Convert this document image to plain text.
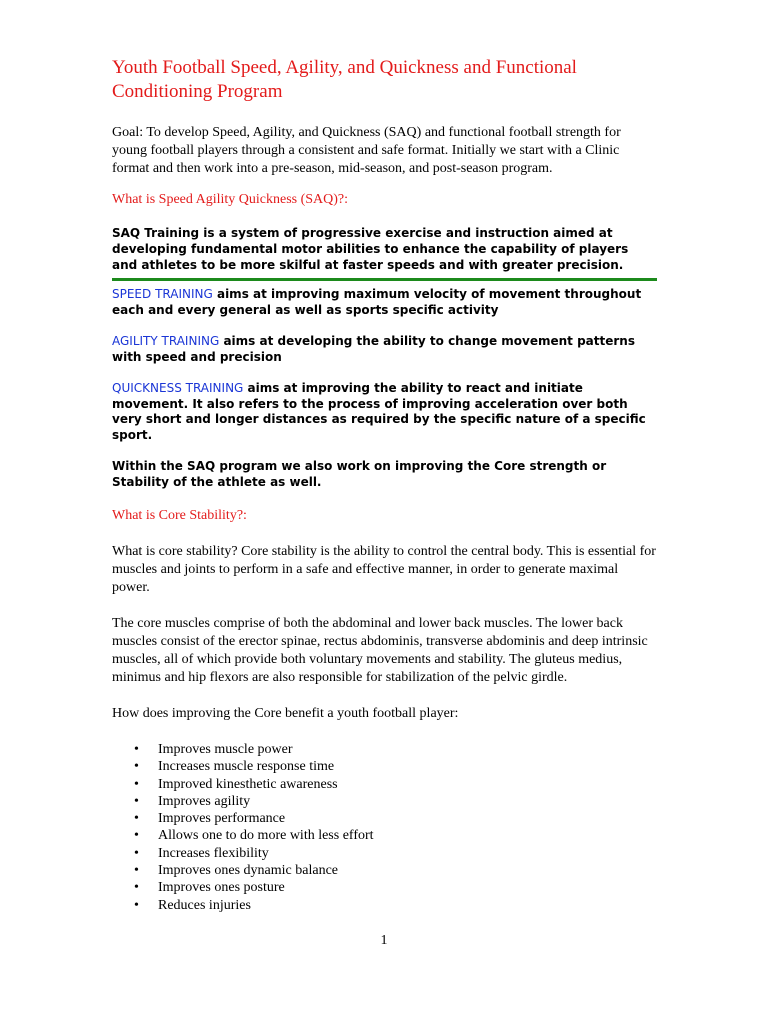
Youth Football Speed, Agility, and Quickness and Functional Conditioning Program

Goal: To develop Speed, Agility, and Quickness (SAQ) and functional football strength for young football players through a consistent and safe format. Initially we start with a Clinic format and then work into a pre-season, mid-season, and post-season program.

What is Speed Agility Quickness (SAQ)?:

SAQ Training is a system of progressive exercise and instruction aimed at developing fundamental motor abilities to enhance the capability of players and athletes to be more skilful at faster speeds and with greater precision.

SPEED TRAINING aims at improving maximum velocity of movement throughout each and every general as well as sports specific activity

AGILITY TRAINING aims at developing the ability to change movement patterns with speed and precision

QUICKNESS TRAINING aims at improving the ability to react and initiate movement. It also refers to the process of improving acceleration over both very short and longer distances as required by the specific nature of a specific sport.

Within the SAQ program we also work on improving the Core strength or Stability of the athlete as well.

What is Core Stability?:

What is core stability? Core stability is the ability to control the central body. This is essential for muscles and joints to perform in a safe and effective manner, in order to generate maximal power.

The core muscles comprise of both the abdominal and lower back muscles. The lower back muscles consist of the erector spinae, rectus abdominis, transverse abdominis and deep intrinsic muscles, all of which provide both voluntary movements and stability. The gluteus medius, minimus and hip flexors are also responsible for stabilization of the pelvic girdle.

How does improving the Core benefit a youth football player:

• Improves muscle power
• Increases muscle response time
• Improved kinesthetic awareness
• Improves agility
• Improves performance
• Allows one to do more with less effort
• Increases flexibility
• Improves ones dynamic balance
• Improves ones posture
• Reduces injuries
1
